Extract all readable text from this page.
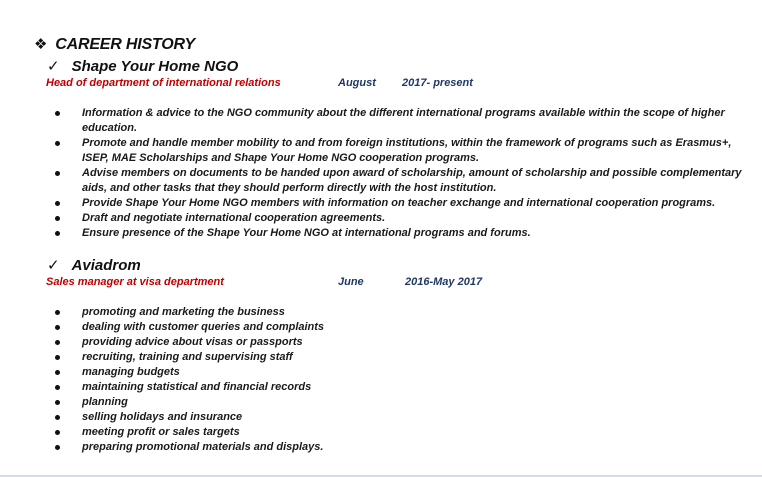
❖ CAREER HISTORY
✓ Shape Your Home NGO
Head of department of international relations	August 2017- present
Information & advice to the NGO community about the different international programs available within the scope of higher education.
Promote and handle member mobility to and from foreign institutions, within the framework of programs such as Erasmus+, ISEP, MAE Scholarships and Shape Your Home NGO cooperation programs.
Advise members on documents to be handed upon award of scholarship, amount of scholarship and possible complementary aids, and other tasks that they should perform directly with the host institution.
Provide Shape Your Home NGO members with information on teacher exchange and international cooperation programs.
Draft and negotiate international cooperation agreements.
Ensure presence of the Shape Your Home NGO at international programs and forums.
✓ Aviadrom
Sales manager at visa department	June	2016-May 2017
promoting and marketing the business
dealing with customer queries and complaints
providing advice about visas or passports
recruiting, training and supervising staff
managing budgets
maintaining statistical and financial records
planning
selling holidays and insurance
meeting profit or sales targets
preparing promotional materials and displays.
